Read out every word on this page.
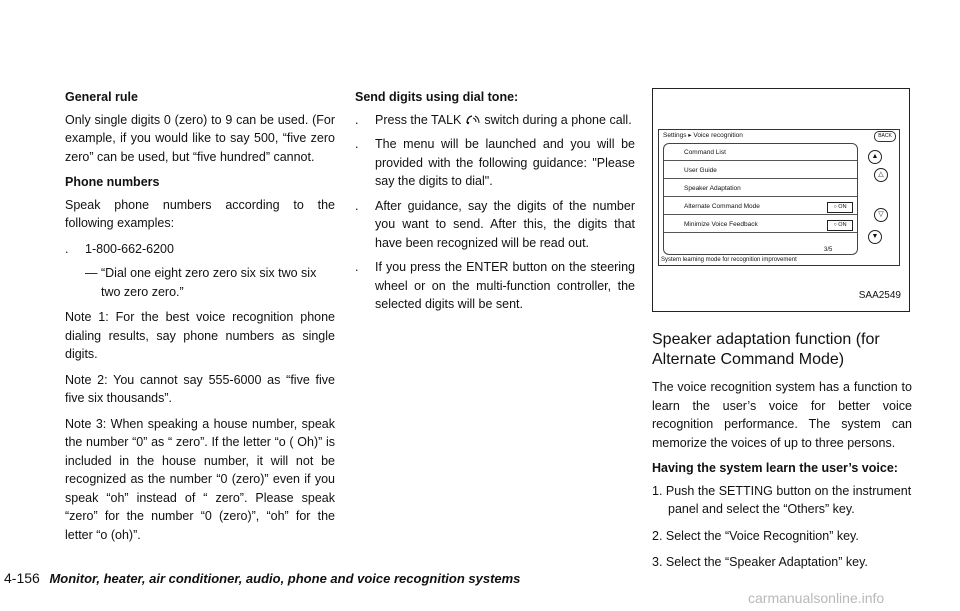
General rule

Only single digits 0 (zero) to 9 can be used. (For example, if you would like to say 500, “five zero zero” can be used, but “five hundred” cannot.

Phone numbers

Speak phone numbers according to the following examples:

. 1-800-662-6200
— “Dial one eight zero zero six six two six two zero zero.”

Note 1: For the best voice recognition phone dialing results, say phone numbers as single digits.

Note 2: You cannot say 555-6000 as “five five five six thousands”.

Note 3: When speaking a house number, speak the number “0” as “ zero”. If the letter “o ( Oh)” is included in the house number, it will not be recognized as the number “0 (zero)” even if you speak “oh” instead of “ zero”. Please speak “zero” for the number “0 (zero)”, “oh” for the letter “o (oh)”.

Send digits using dial tone:
. Press the TALK switch during a phone call.
. The menu will be launched and you will be provided with the following guidance: "Please say the digits to dial".
. After guidance, say the digits of the number you want to send. After this, the digits that have been recognized will be read out.
. If you press the ENTER button on the steering wheel or on the multi-function controller, the selected digits will be sent.
Settings ▸ Voice recognition	BACK
Command List
User Guide
Speaker Adaptation
Alternate Command Mode	○ ON
Minimize Voice Feedback	○ ON
3/5
▲
△
▽
▼
System learning mode for recognition improvement
SAA2549
Speaker adaptation function (for Alternate Command Mode)

The voice recognition system has a function to learn the user’s voice for better voice recognition performance. The system can memorize the voices of up to three persons.

Having the system learn the user’s voice:
1. Push the SETTING button on the instrument panel and select the “Others” key.
2. Select the “Voice Recognition” key.
3. Select the “Speaker Adaptation” key.
4-156 Monitor, heater, air conditioner, audio, phone and voice recognition systems
carmanualsonline.info
